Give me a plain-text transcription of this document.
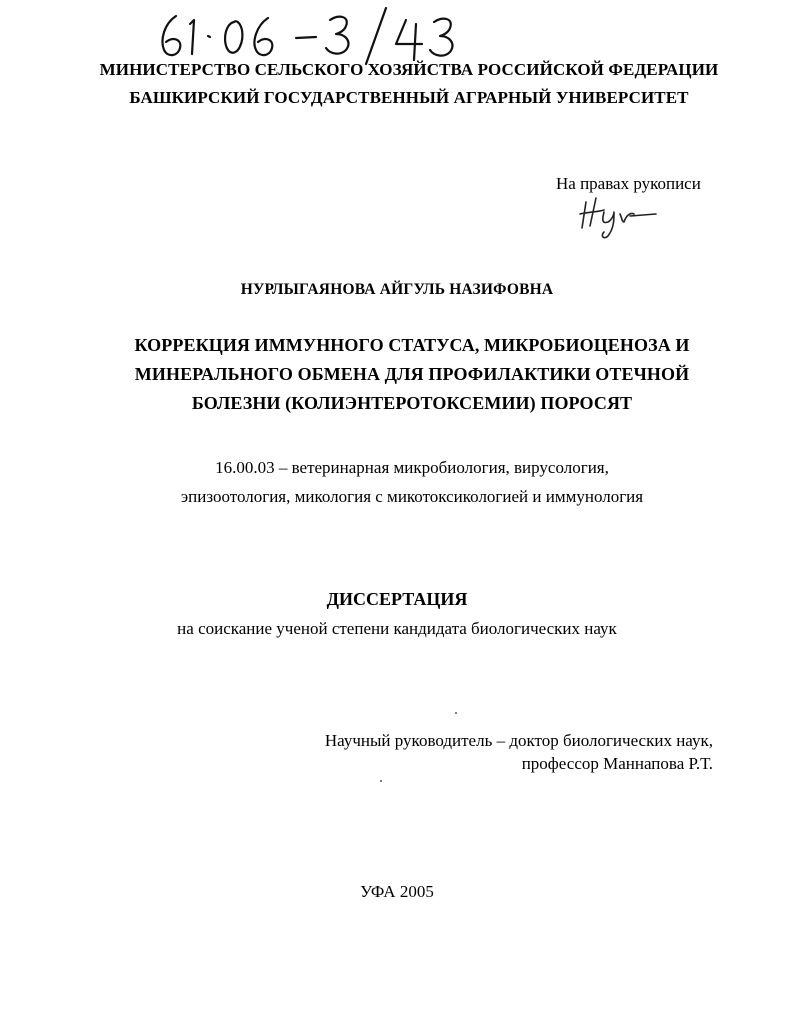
МИНИСТЕРСТВО СЕЛЬСКОГО ХОЗЯЙСТВА РОССИЙСКОЙ ФЕДЕРАЦИИ
БАШКИРСКИЙ ГОСУДАРСТВЕННЫЙ АГРАРНЫЙ УНИВЕРСИТЕТ
На правах рукописи
НУРЛЫГАЯНОВА АЙГУЛЬ НАЗИФОВНА
КОРРЕКЦИЯ ИММУННОГО СТАТУСА, МИКРОБИОЦЕНОЗА И
МИНЕРАЛЬНОГО ОБМЕНА ДЛЯ ПРОФИЛАКТИКИ ОТЕЧНОЙ
БОЛЕЗНИ (КОЛИЭНТЕРОТОКСЕМИИ) ПОРОСЯТ
16.00.03 – ветеринарная микробиология, вирусология,
эпизоотология, микология с микотоксикологией и иммунология
ДИССЕРТАЦИЯ
на соискание ученой степени кандидата биологических наук
Научный руководитель – доктор биологических наук,
профессор Маннапова Р.Т.
УФА 2005
